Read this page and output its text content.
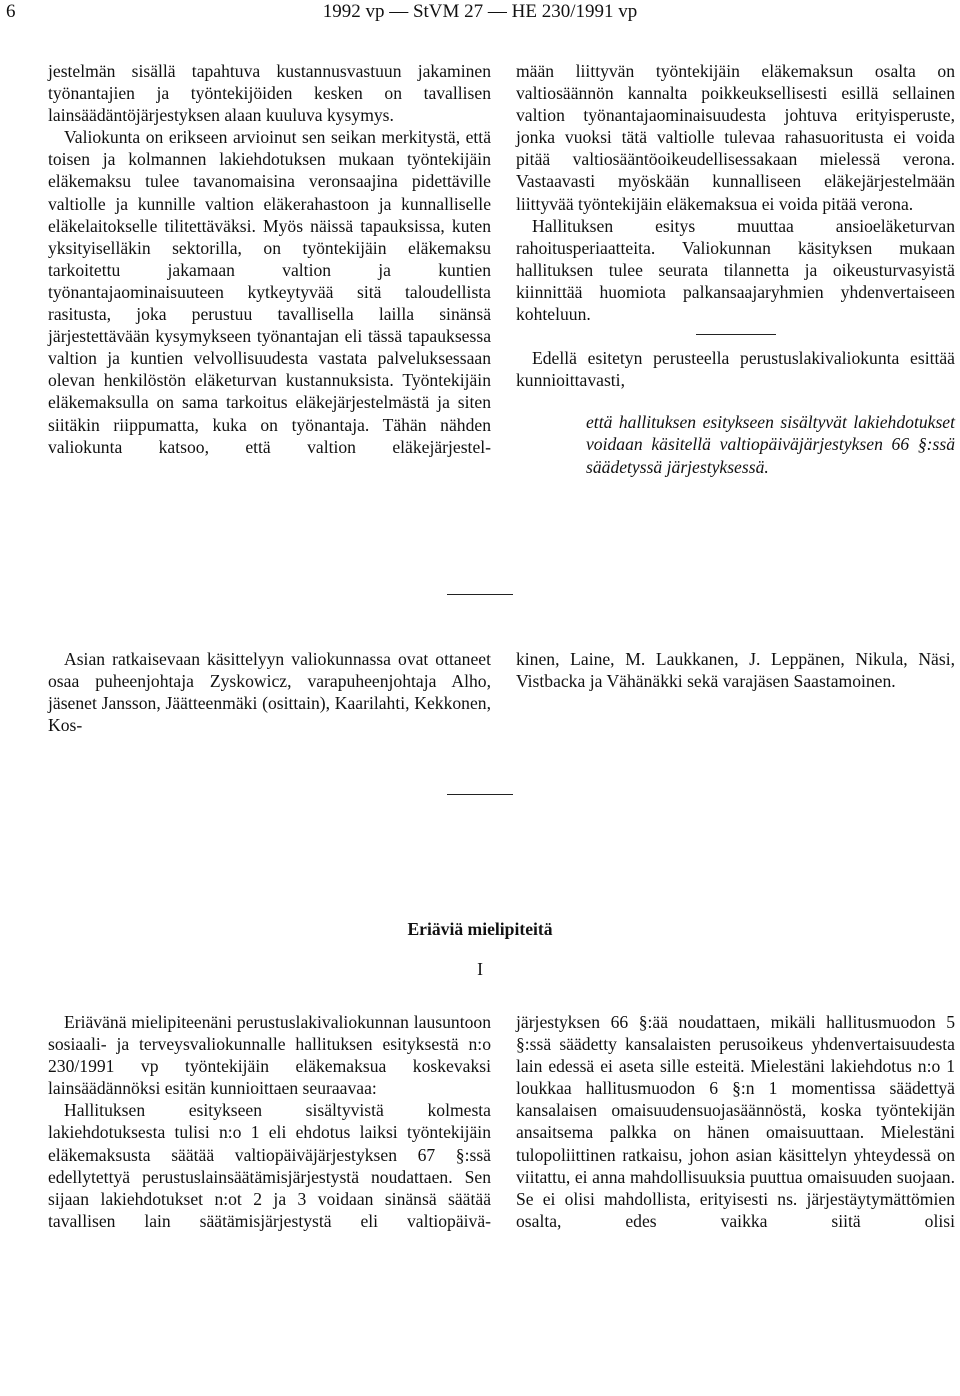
6	1992 vp — StVM 27 — HE 230/1991 vp

jestelmän sisällä tapahtuva kustannusvastuun jakaminen työnantajien ja työntekijöiden kesken on tavallisen lainsäädäntöjärjestyksen alaan kuuluva kysymys.

Valiokunta on erikseen arvioinut sen seikan merkitystä, että toisen ja kolmannen lakiehdotuksen mukaan työntekijäin eläkemaksu tulee tavanomaisina veronsaajina pidettäville valtiolle ja kunnille valtion eläkerahastoon ja kunnalliselle eläkelaitokselle tilitettäväksi. Myös näissä tapauksissa, kuten yksityiselläkin sektorilla, on työntekijäin eläkemaksu tarkoitettu jakamaan valtion ja kuntien työnantajaominaisuuteen kytkeytyvää sitä taloudellista rasitusta, joka perustuu tavallisella lailla sinänsä järjestettävään kysymykseen työnantajan eli tässä tapauksessa valtion ja kuntien velvollisuudesta vastata palveluksessaan olevan henkilöstön eläketurvan kustannuksista. Työntekijäin eläkemaksulla on sama tarkoitus eläkejärjestelmästä ja siten siitäkin riippumatta, kuka on työnantaja. Tähän nähden valiokunta katsoo, että valtion eläkejärjestel-

mään liittyvän työntekijäin eläkemaksun osalta on valtiosäännön kannalta poikkeuksellisesti esillä sellainen valtion työnantajaominaisuudesta johtuva erityisperuste, jonka vuoksi tätä valtiolle tulevaa rahasuoritusta ei voida pitää valtiosääntöoikeudellisessakaan mielessä verona. Vastaavasti myöskään kunnalliseen eläkejärjestelmään liittyvää työntekijäin eläkemaksua ei voida pitää verona.

Hallituksen esitys muuttaa ansioeläketurvan rahoitusperiaatteita. Valiokunnan käsityksen mukaan hallituksen tulee seurata tilannetta ja oikeusturvasyistä kiinnittää huomiota palkansaajaryhmien yhdenvertaiseen kohteluun.

Edellä esitetyn perusteella perustuslakivaliokunta esittää kunnioittavasti,

että hallituksen esitykseen sisältyvät lakiehdotukset voidaan käsitellä valtiopäiväjärjestyksen 66 §:ssä säädetyssä järjestyksessä.

Asian ratkaisevaan käsittelyyn valiokunnassa ovat ottaneet osaa puheenjohtaja Zyskowicz, varapuheenjohtaja Alho, jäsenet Jansson, Jäätteenmäki (osittain), Kaarilahti, Kekkonen, Kos-

kinen, Laine, M. Laukkanen, J. Leppänen, Nikula, Näsi, Vistbacka ja Vähänäkki sekä varajäsen Saastamoinen.

Eriäviä mielipiteitä
I

Eriävänä mielipiteenäni perustuslakivaliokunnan lausuntoon sosiaali- ja terveysvaliokunnalle hallituksen esityksestä n:o 230/1991 vp työntekijäin eläkemaksua koskevaksi lainsäädännöksi esitän kunnioittaen seuraavaa:

Hallituksen esitykseen sisältyvistä kolmesta lakiehdotuksesta tulisi n:o 1 eli ehdotus laiksi työntekijäin eläkemaksusta säätää valtiopäiväjärjestyksen 67 §:ssä edellytettyä perustuslainsäätämisjärjestystä noudattaen. Sen sijaan lakiehdotukset n:ot 2 ja 3 voidaan sinänsä säätää tavallisen lain säätämisjärjestystä eli valtiopäivä-

järjestyksen 66 §:ää noudattaen, mikäli hallitusmuodon 5 §:ssä säädetty kansalaisten perusoikeus yhdenvertaisuudesta lain edessä ei aseta sille esteitä. Mielestäni lakiehdotus n:o 1 loukkaa hallitusmuodon 6 §:n 1 momentissa säädettyä kansalaisen omaisuudensuojasäännöstä, koska työntekijän ansaitsema palkka on hänen omaisuuttaan. Mielestäni tulopoliittinen ratkaisu, johon asian käsittelyn yhteydessä on viitattu, ei anna mahdollisuuksia puuttua omaisuuden suojaan. Se ei olisi mahdollista, erityisesti ns. järjestäytymättömien osalta, edes vaikka siitä olisi
